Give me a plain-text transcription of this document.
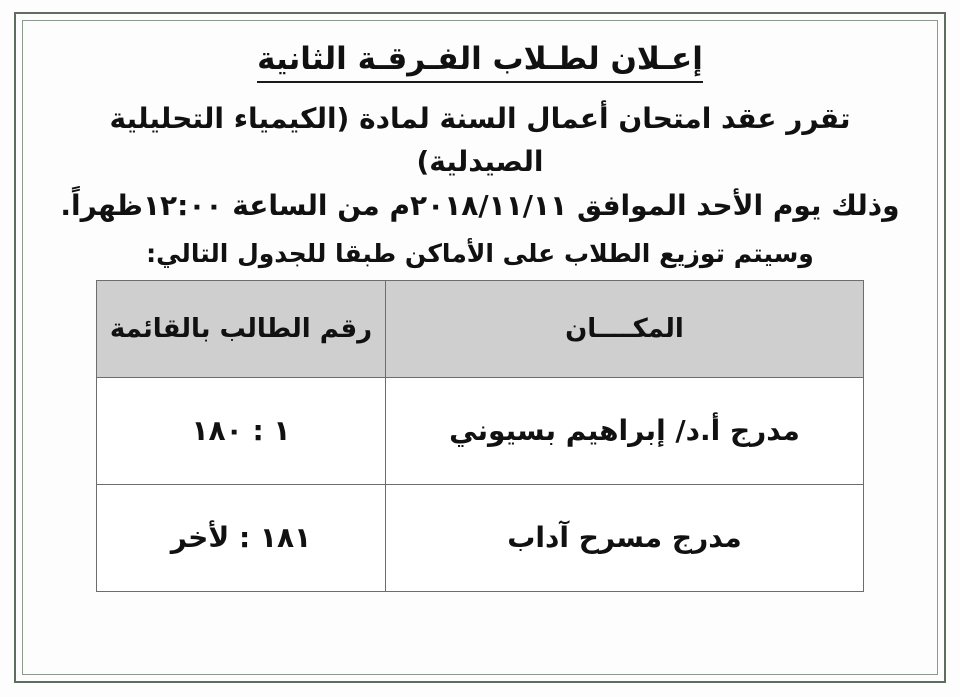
إعـلان لطـلاب الفـرقـة الثانية
تقرر عقد امتحان أعمال السنة لمادة (الكيمياء التحليلية الصيدلية)
وذلك يوم الأحد الموافق ٢٠١٨/١١/١١م من الساعة ١٢:٠٠ظهراً.
وسيتم توزيع الطلاب على الأماكن طبقا للجدول التالي:
المكــــان	رقم الطالب بالقائمة
مدرج أ.د/ إبراهيم بسيوني	١ : ١٨٠
مدرج مسرح آداب	١٨١ : لأخر
